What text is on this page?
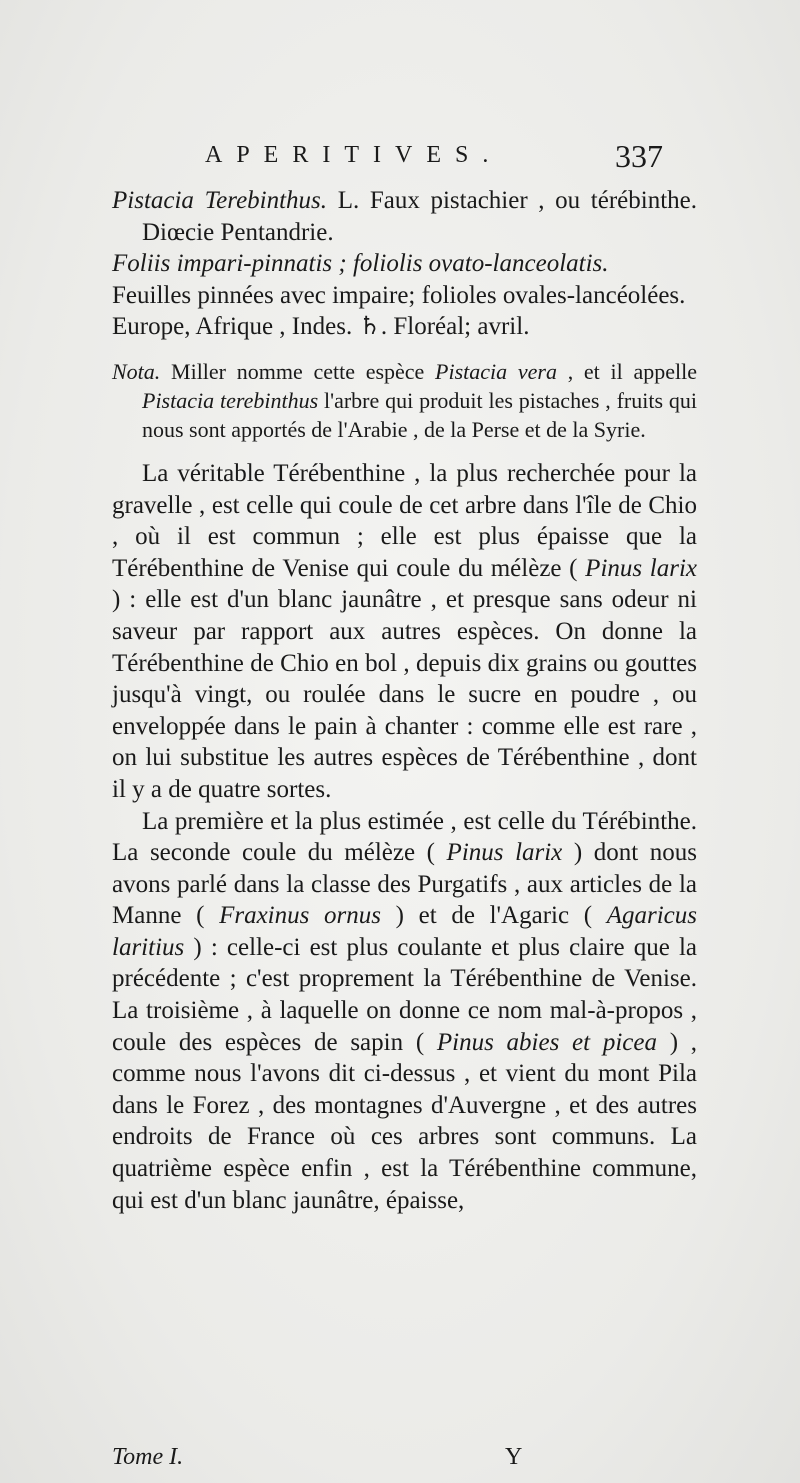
APERITIVES.	337

Pistacia Terebinthus. L. Faux pistachier , ou térébinthe. Diœcie Pentandrie.

Foliis impari-pinnatis ; foliolis ovato-lanceolatis.

Feuilles pinnées avec impaire; folioles ovales-lancéolées.

Europe, Afrique , Indes. ♄. Floréal; avril.

Nota. Miller nomme cette espèce Pistacia vera , et il appelle Pistacia terebinthus l'arbre qui produit les pistaches , fruits qui nous sont apportés de l'Arabie , de la Perse et de la Syrie.

La véritable Térébenthine , la plus recherchée pour la gravelle , est celle qui coule de cet arbre dans l'île de Chio , où il est commun ; elle est plus épaisse que la Térébenthine de Venise qui coule du mélèze ( Pinus larix ) : elle est d'un blanc jaunâtre , et presque sans odeur ni saveur par rapport aux autres espèces. On donne la Térébenthine de Chio en bol , depuis dix grains ou gouttes jusqu'à vingt, ou roulée dans le sucre en poudre , ou enveloppée dans le pain à chanter : comme elle est rare , on lui substitue les autres espèces de Térébenthine , dont il y a de quatre sortes.

La première et la plus estimée , est celle du Térébinthe. La seconde coule du mélèze ( Pinus larix ) dont nous avons parlé dans la classe des Purgatifs , aux articles de la Manne ( Fraxinus ornus ) et de l'Agaric ( Agaricus laritius ) : celle-ci est plus coulante et plus claire que la précédente ; c'est proprement la Térébenthine de Venise. La troisième , à laquelle on donne ce nom mal-à-propos , coule des espèces de sapin ( Pinus abies et picea ) , comme nous l'avons dit ci-dessus , et vient du mont Pila dans le Forez , des montagnes d'Auvergne , et des autres endroits de France où ces arbres sont communs. La quatrième espèce enfin , est la Térébenthine commune, qui est d'un blanc jaunâtre, épaisse,

Tome I.	Y
